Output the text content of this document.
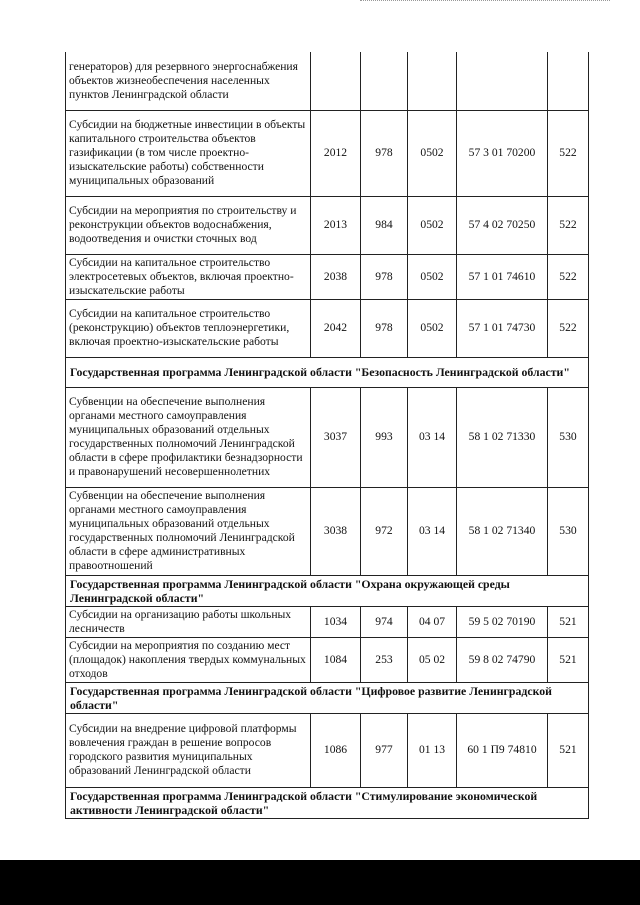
генераторов) для резервного энергоснабжения объектов жизнеобеспечения населенных пунктов Ленинградской области					
Субсидии на бюджетные инвестиции в объекты капитального строительства объектов газификации (в том числе проектно-изыскательские работы) собственности муниципальных образований	2012	978	0502	57 3 01 70200	522
Субсидии на мероприятия по строительству и реконструкции объектов водоснабжения, водоотведения и очистки сточных вод	2013	984	0502	57 4 02 70250	522
Субсидии на капитальное строительство электросетевых объектов, включая проектно-изыскательские работы	2038	978	0502	57 1 01 74610	522
Субсидии на капитальное строительство (реконструкцию) объектов теплоэнергетики, включая проектно-изыскательские работы	2042	978	0502	57 1 01 74730	522
Государственная программа Ленинградской области "Безопасность Ленинградской области"					
Субвенции на обеспечение выполнения органами местного самоуправления муниципальных образований отдельных государственных полномочий Ленинградской области в сфере профилактики безнадзорности и правонарушений несовершеннолетних	3037	993	03 14	58 1 02 71330	530
Субвенции на обеспечение выполнения органами местного самоуправления муниципальных образований отдельных государственных полномочий Ленинградской области в сфере административных правоотношений	3038	972	03 14	58 1 02 71340	530
Государственная программа Ленинградской области "Охрана окружающей среды Ленинградской области"					
Субсидии на организацию работы школьных лесничеств	1034	974	04 07	59 5 02 70190	521
Субсидии на мероприятия по созданию мест (площадок) накопления твердых коммунальных отходов	1084	253	05 02	59 8 02 74790	521
Государственная программа Ленинградской области "Цифровое развитие Ленинградской области"					
Субсидии на внедрение цифровой платформы вовлечения граждан в решение вопросов городского развития муниципальных образований Ленинградской области	1086	977	01 13	60 1 П9 74810	521
Государственная программа Ленинградской области "Стимулирование экономической активности Ленинградской области"					
